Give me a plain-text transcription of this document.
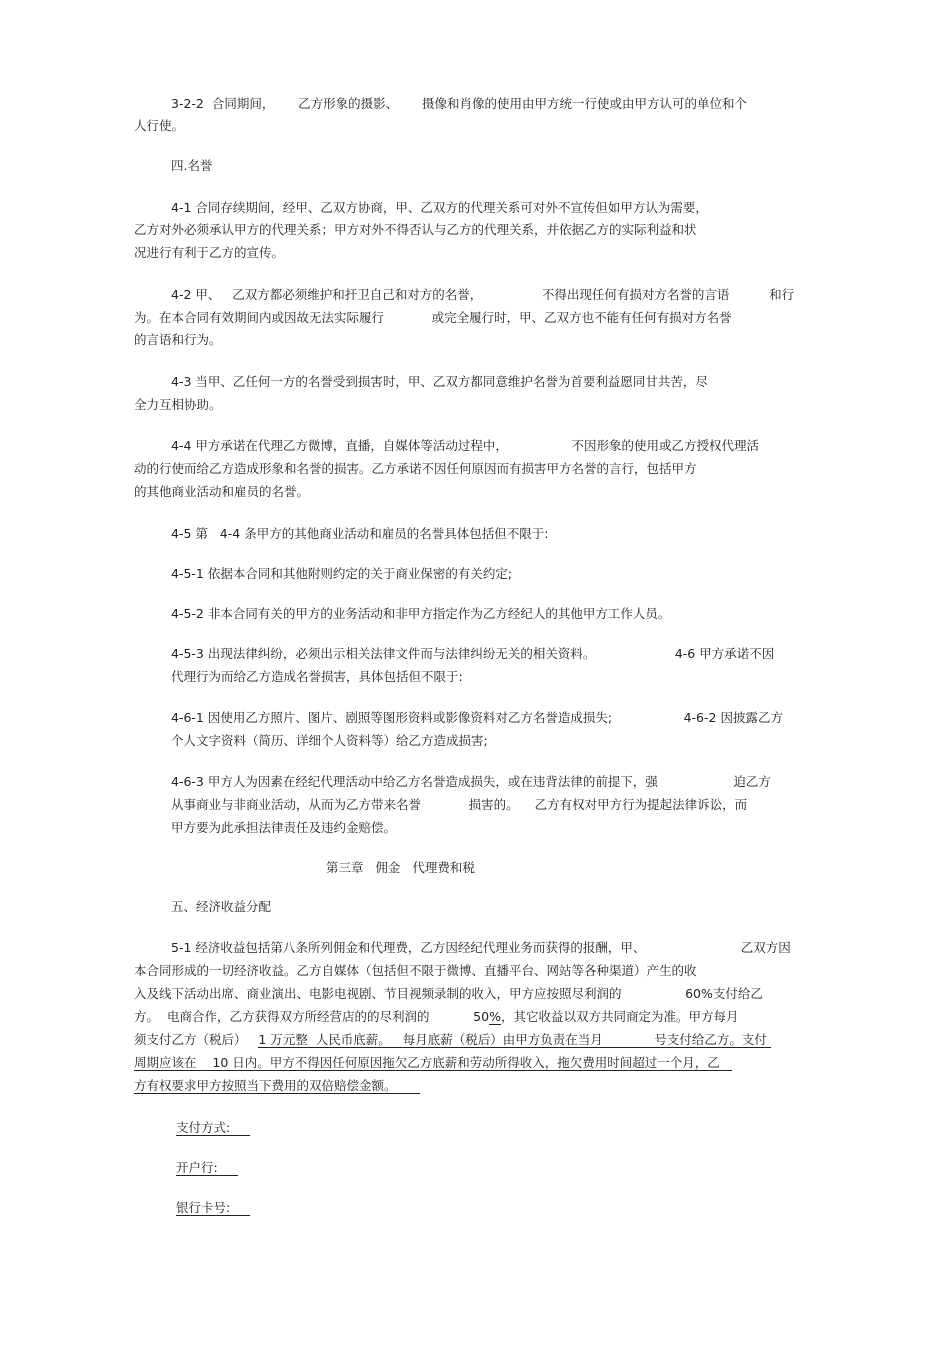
3-2-2  合同期间，      乙方形象的摄影、      摄像和肖像的使用由甲方统一行使或由甲方认可的单位和个
人行使。
四.名誉
4-1 合同存续期间，经甲、乙双方协商，甲、乙双方的代理关系可对外不宣传但如甲方认为需要，
乙方对外必须承认甲方的代理关系；甲方对外不得否认与乙方的代理关系，并依据乙方的实际利益和状
况进行有利于乙方的宣传。
4-2 甲、   乙双方都必须维护和扞卫自己和对方的名誉，               不得出现任何有损对方名誉的言语          和行
为。在本合同有效期间内或因故无法实际履行            或完全履行时，甲、乙双方也不能有任何有损对方名誉
的言语和行为。
4-3 当甲、乙任何一方的名誉受到损害时，甲、乙双方都同意维护名誉为首要利益愿同甘共苦，尽
全力互相协助。
4-4 甲方承诺在代理乙方微博，直播，自媒体等活动过程中，                不因形象的使用或乙方授权代理活
动的行使而给乙方造成形象和名誉的损害。乙方承诺不因任何原因而有损害甲方名誉的言行，包括甲方
的其他商业活动和雇员的名誉。
4-5 第   4-4 条甲方的其他商业活动和雇员的名誉具体包括但不限于:
4-5-1 依据本合同和其他附则约定的关于商业保密的有关约定;
4-5-2 非本合同有关的甲方的业务活动和非甲方指定作为乙方经纪人的其他甲方工作人员。
4-5-3 出现法律纠纷，必须出示相关法律文件而与法律纠纷无关的相关资料。                    4-6 甲方承诺不因
代理行为而给乙方造成名誉损害，具体包括但不限于:
4-6-1 因使用乙方照片、图片、剧照等图形资料或影像资料对乙方名誉造成损失;                  4-6-2 因披露乙方
个人文字资料（简历、详细个人资料等）给乙方造成损害;
4-6-3 甲方人为因素在经纪代理活动中给乙方名誉造成损失，或在违背法律的前提下，强                   迫乙方
从事商业与非商业活动，从而为乙方带来名誉            损害的。    乙方有权对甲方行为提起法律诉讼，而
甲方要为此承担法律责任及违约金赔偿。
第三章   佣金   代理费和税
五、经济收益分配
5-1 经济收益包括第八条所列佣金和代理费，乙方因经纪代理业务而获得的报酬，甲、                        乙双方因
本合同形成的一切经济收益。乙方自媒体（包括但不限于微博、直播平台、网站等各种渠道）产生的收
入及线下活动出席、商业演出、电影电视剧、节目视频录制的收入，甲方应按照尽利润的                60%支付给乙
方。  电商合作，乙方获得双方所经营店的的尽利润的           50%，其它收益以双方共同商定为准。甲方每月
须支付乙方（税后）   1 万元整  人民币底薪。   每月底薪（税后）由甲方负责在当月             号支付给乙方。支付
周期应该在    10 日内。甲方不得因任何原因拖欠乙方底薪和劳动所得收入，拖欠费用时间超过一个月，乙
方有权要求甲方按照当下费用的双倍赔偿金额。
支付方式:
开户行:
银行卡号:
